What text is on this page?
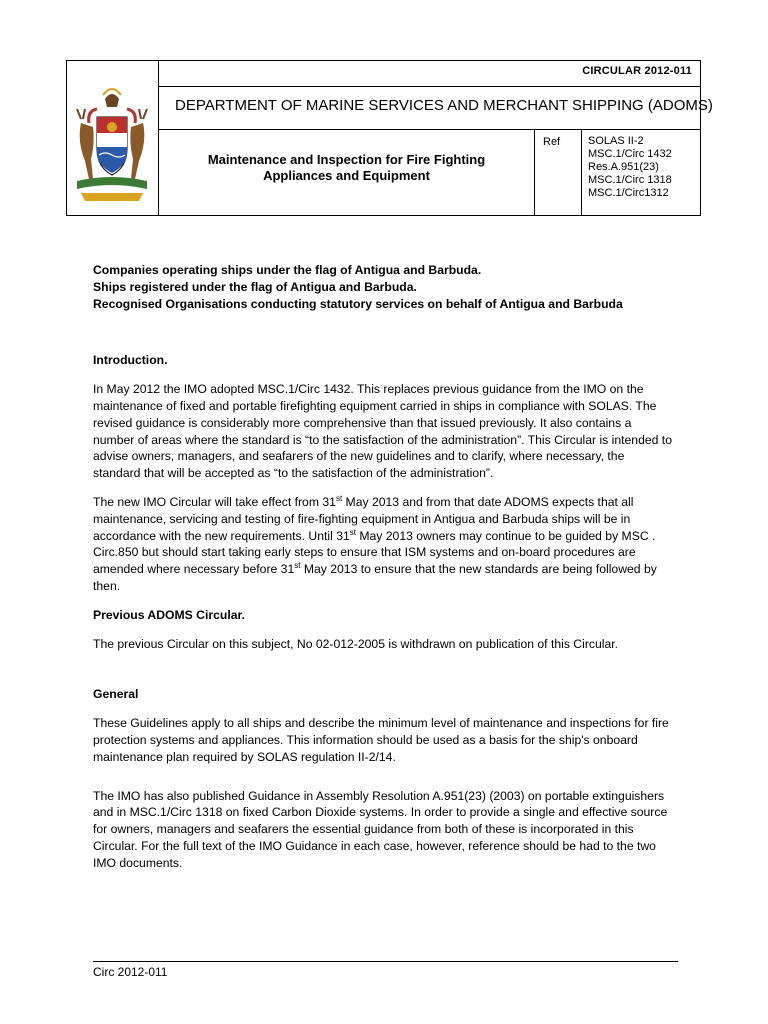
CIRCULAR 2012-011
DEPARTMENT OF MARINE SERVICES AND MERCHANT SHIPPING (ADOMS)
Maintenance and Inspection for Fire Fighting
Appliances and Equipment
Ref	SOLAS II-2
MSC.1/Circ 1432
Res.A.951(23)
MSC.1/Circ 1318
MSC.1/Circ1312

Companies operating ships under the flag of Antigua and Barbuda.
Ships registered under the flag of Antigua and Barbuda.
Recognised Organisations conducting statutory services on behalf of Antigua and Barbuda

Introduction.

In May 2012 the IMO adopted MSC.1/Circ 1432. This replaces previous guidance from the IMO on the maintenance of fixed and portable firefighting equipment carried in ships in compliance with SOLAS. The revised guidance is considerably more comprehensive than that issued previously. It also contains a number of areas where the standard is “to the satisfaction of the administration”. This Circular is intended to advise owners, managers, and seafarers of the new guidelines and to clarify, where necessary, the standard that will be accepted as “to the satisfaction of the administration”.

The new IMO Circular will take effect from 31st May 2013 and from that date ADOMS expects that all maintenance, servicing and testing of fire-fighting equipment in Antigua and Barbuda ships will be in accordance with the new requirements. Until 31st May 2013 owners may continue to be guided by MSC . Circ.850 but should start taking early steps to ensure that ISM systems and on-board procedures are amended where necessary before 31st May 2013 to ensure that the new standards are being followed by then.

Previous ADOMS Circular.

The previous Circular on this subject, No 02-012-2005 is withdrawn on publication of this Circular.

General

These Guidelines apply to all ships and describe the minimum level of maintenance and inspections for fire protection systems and appliances. This information should be used as a basis for the ship's onboard maintenance plan required by SOLAS regulation II-2/14.

The IMO has also published Guidance in Assembly Resolution A.951(23) (2003) on portable extinguishers and in MSC.1/Circ 1318 on fixed Carbon Dioxide systems. In order to provide a single and effective source for owners, managers and seafarers the essential guidance from both of these is incorporated in this Circular. For the full text of the IMO Guidance in each case, however, reference should be had to the two IMO documents.

Circ 2012-011
